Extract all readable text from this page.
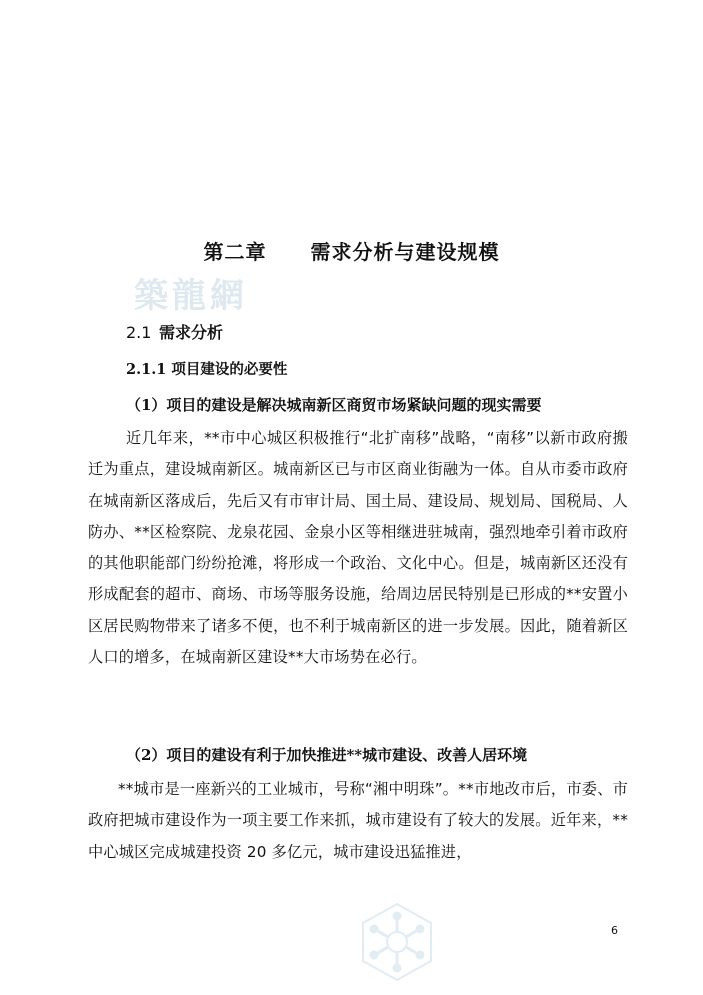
築龍網
第二章 需求分析与建设规模
2.1 需求分析
2.1.1 项目建设的必要性
（1）项目的建设是解决城南新区商贸市场紧缺问题的现实需要

近几年来，**市中心城区积极推行“北扩南移”战略，“南移”以新市政府搬迁为重点，建设城南新区。城南新区已与市区商业街融为一体。自从市委市政府在城南新区落成后，先后又有市审计局、国土局、建设局、规划局、国税局、人防办、**区检察院、龙泉花园、金泉小区等相继进驻城南，强烈地牵引着市政府的其他职能部门纷纷抢滩，将形成一个政治、文化中心。但是，城南新区还没有形成配套的超市、商场、市场等服务设施，给周边居民特别是已形成的**安置小区居民购物带来了诸多不便，也不利于城南新区的进一步发展。因此，随着新区人口的增多，在城南新区建设**大市场势在必行。

（2）项目的建设有利于加快推进**城市建设、改善人居环境

**城市是一座新兴的工业城市，号称“湘中明珠”。**市地改市后，市委、市政府把城市建设作为一项主要工作来抓，城市建设有了较大的发展。近年来，**中心城区完成城建投资 20 多亿元，城市建设迅猛推进，

6
